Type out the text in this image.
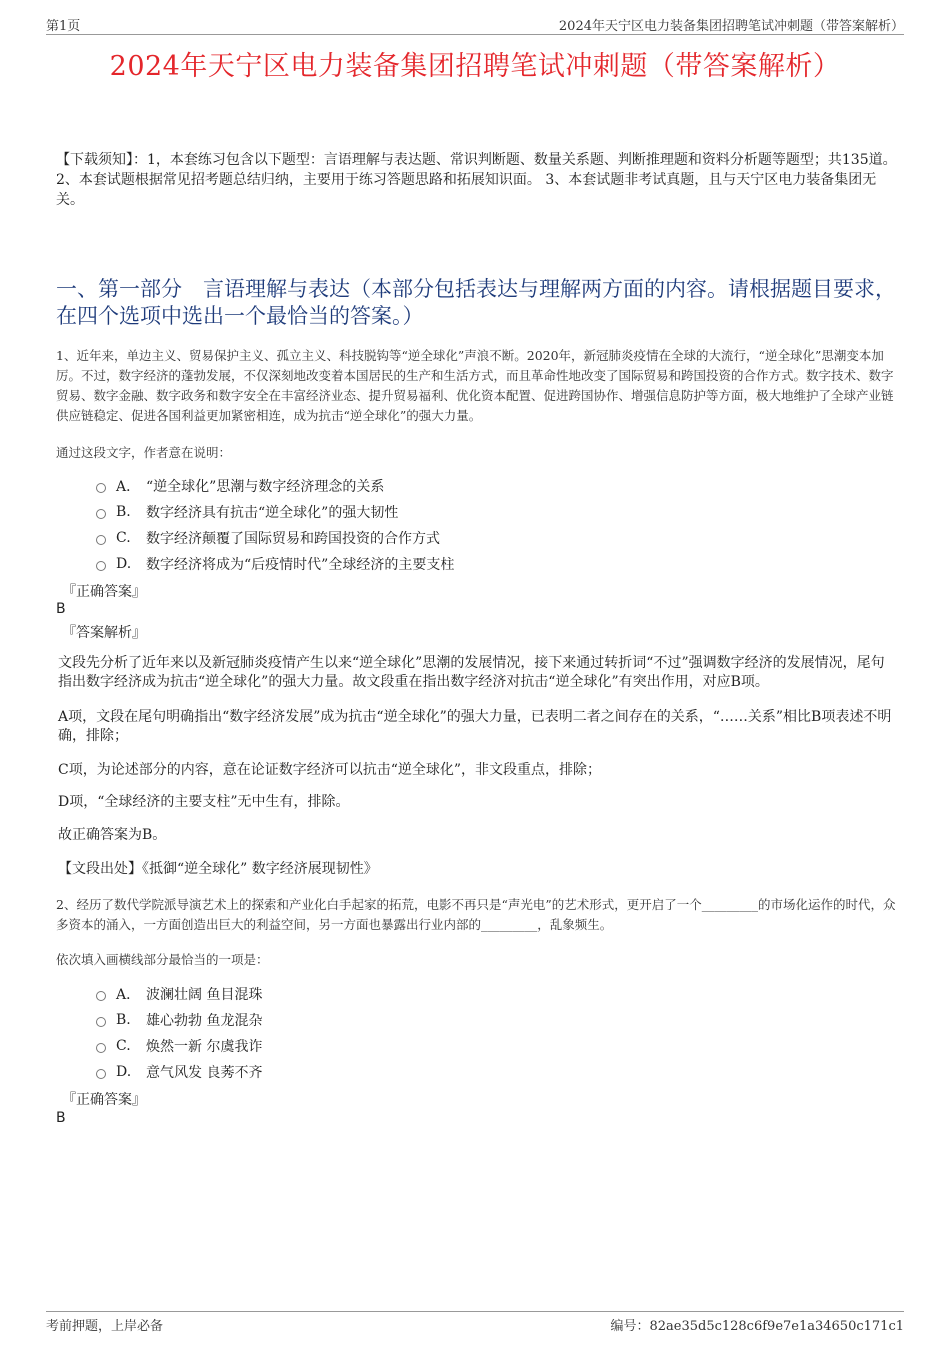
第1页	2024年天宁区电力装备集团招聘笔试冲刺题（带答案解析）
2024年天宁区电力装备集团招聘笔试冲刺题（带答案解析）
【下载须知】：1，本套练习包含以下题型：言语理解与表达题、常识判断题、数量关系题、判断推理题和资料分析题等题型；共135道。 2、本套试题根据常见招考题总结归纳，主要用于练习答题思路和拓展知识面。 3、本套试题非考试真题，且与天宁区电力装备集团无关。
一、第一部分　言语理解与表达（本部分包括表达与理解两方面的内容。请根据题目要求，在四个选项中选出一个最恰当的答案。）
1、近年来，单边主义、贸易保护主义、孤立主义、科技脱钩等“逆全球化”声浪不断。2020年，新冠肺炎疫情在全球的大流行，“逆全球化”思潮变本加厉。不过，数字经济的蓬勃发展，不仅深刻地改变着本国居民的生产和生活方式，而且革命性地改变了国际贸易和跨国投资的合作方式。数字技术、数字贸易、数字金融、数字政务和数字安全在丰富经济业态、提升贸易福利、优化资本配置、促进跨国协作、增强信息防护等方面，极大地维护了全球产业链供应链稳定、促进各国利益更加紧密相连，成为抗击“逆全球化”的强大力量。
通过这段文字，作者意在说明：
A． “逆全球化”思潮与数字经济理念的关系
B.	数字经济具有抗击“逆全球化”的强大韧性
C.	数字经济颠覆了国际贸易和跨国投资的合作方式
D.	数字经济将成为“后疫情时代”全球经济的主要支柱
『正确答案』
B
『答案解析』
文段先分析了近年来以及新冠肺炎疫情产生以来“逆全球化”思潮的发展情况，接下来通过转折词“不过”强调数字经济的发展情况，尾句指出数字经济成为抗击“逆全球化”的强大力量。故文段重在指出数字经济对抗击“逆全球化”有突出作用，对应B项。
A项，文段在尾句明确指出“数字经济发展”成为抗击“逆全球化”的强大力量，已表明二者之间存在的关系，“……关系”相比B项表述不明确，排除；
C项，为论述部分的内容，意在论证数字经济可以抗击“逆全球化”，非文段重点，排除；
D项，“全球经济的主要支柱”无中生有，排除。
故正确答案为B。
【文段出处】《抵御“逆全球化” 数字经济展现韧性》
2、经历了数代学院派导演艺术上的探索和产业化白手起家的拓荒，电影不再只是“声光电”的艺术形式，更开启了一个_________的市场化运作的时代，众多资本的涌入，一方面创造出巨大的利益空间，另一方面也暴露出行业内部的_________，乱象频生。
依次填入画横线部分最恰当的一项是：
A． 波澜壮阔 鱼目混珠
B.	雄心勃勃 鱼龙混杂
C.	焕然一新 尔虞我诈
D.	意气风发 良莠不齐
『正确答案』
B
考前押题，上岸必备	编号：82ae35d5c128c6f9e7e1a34650c171c1
